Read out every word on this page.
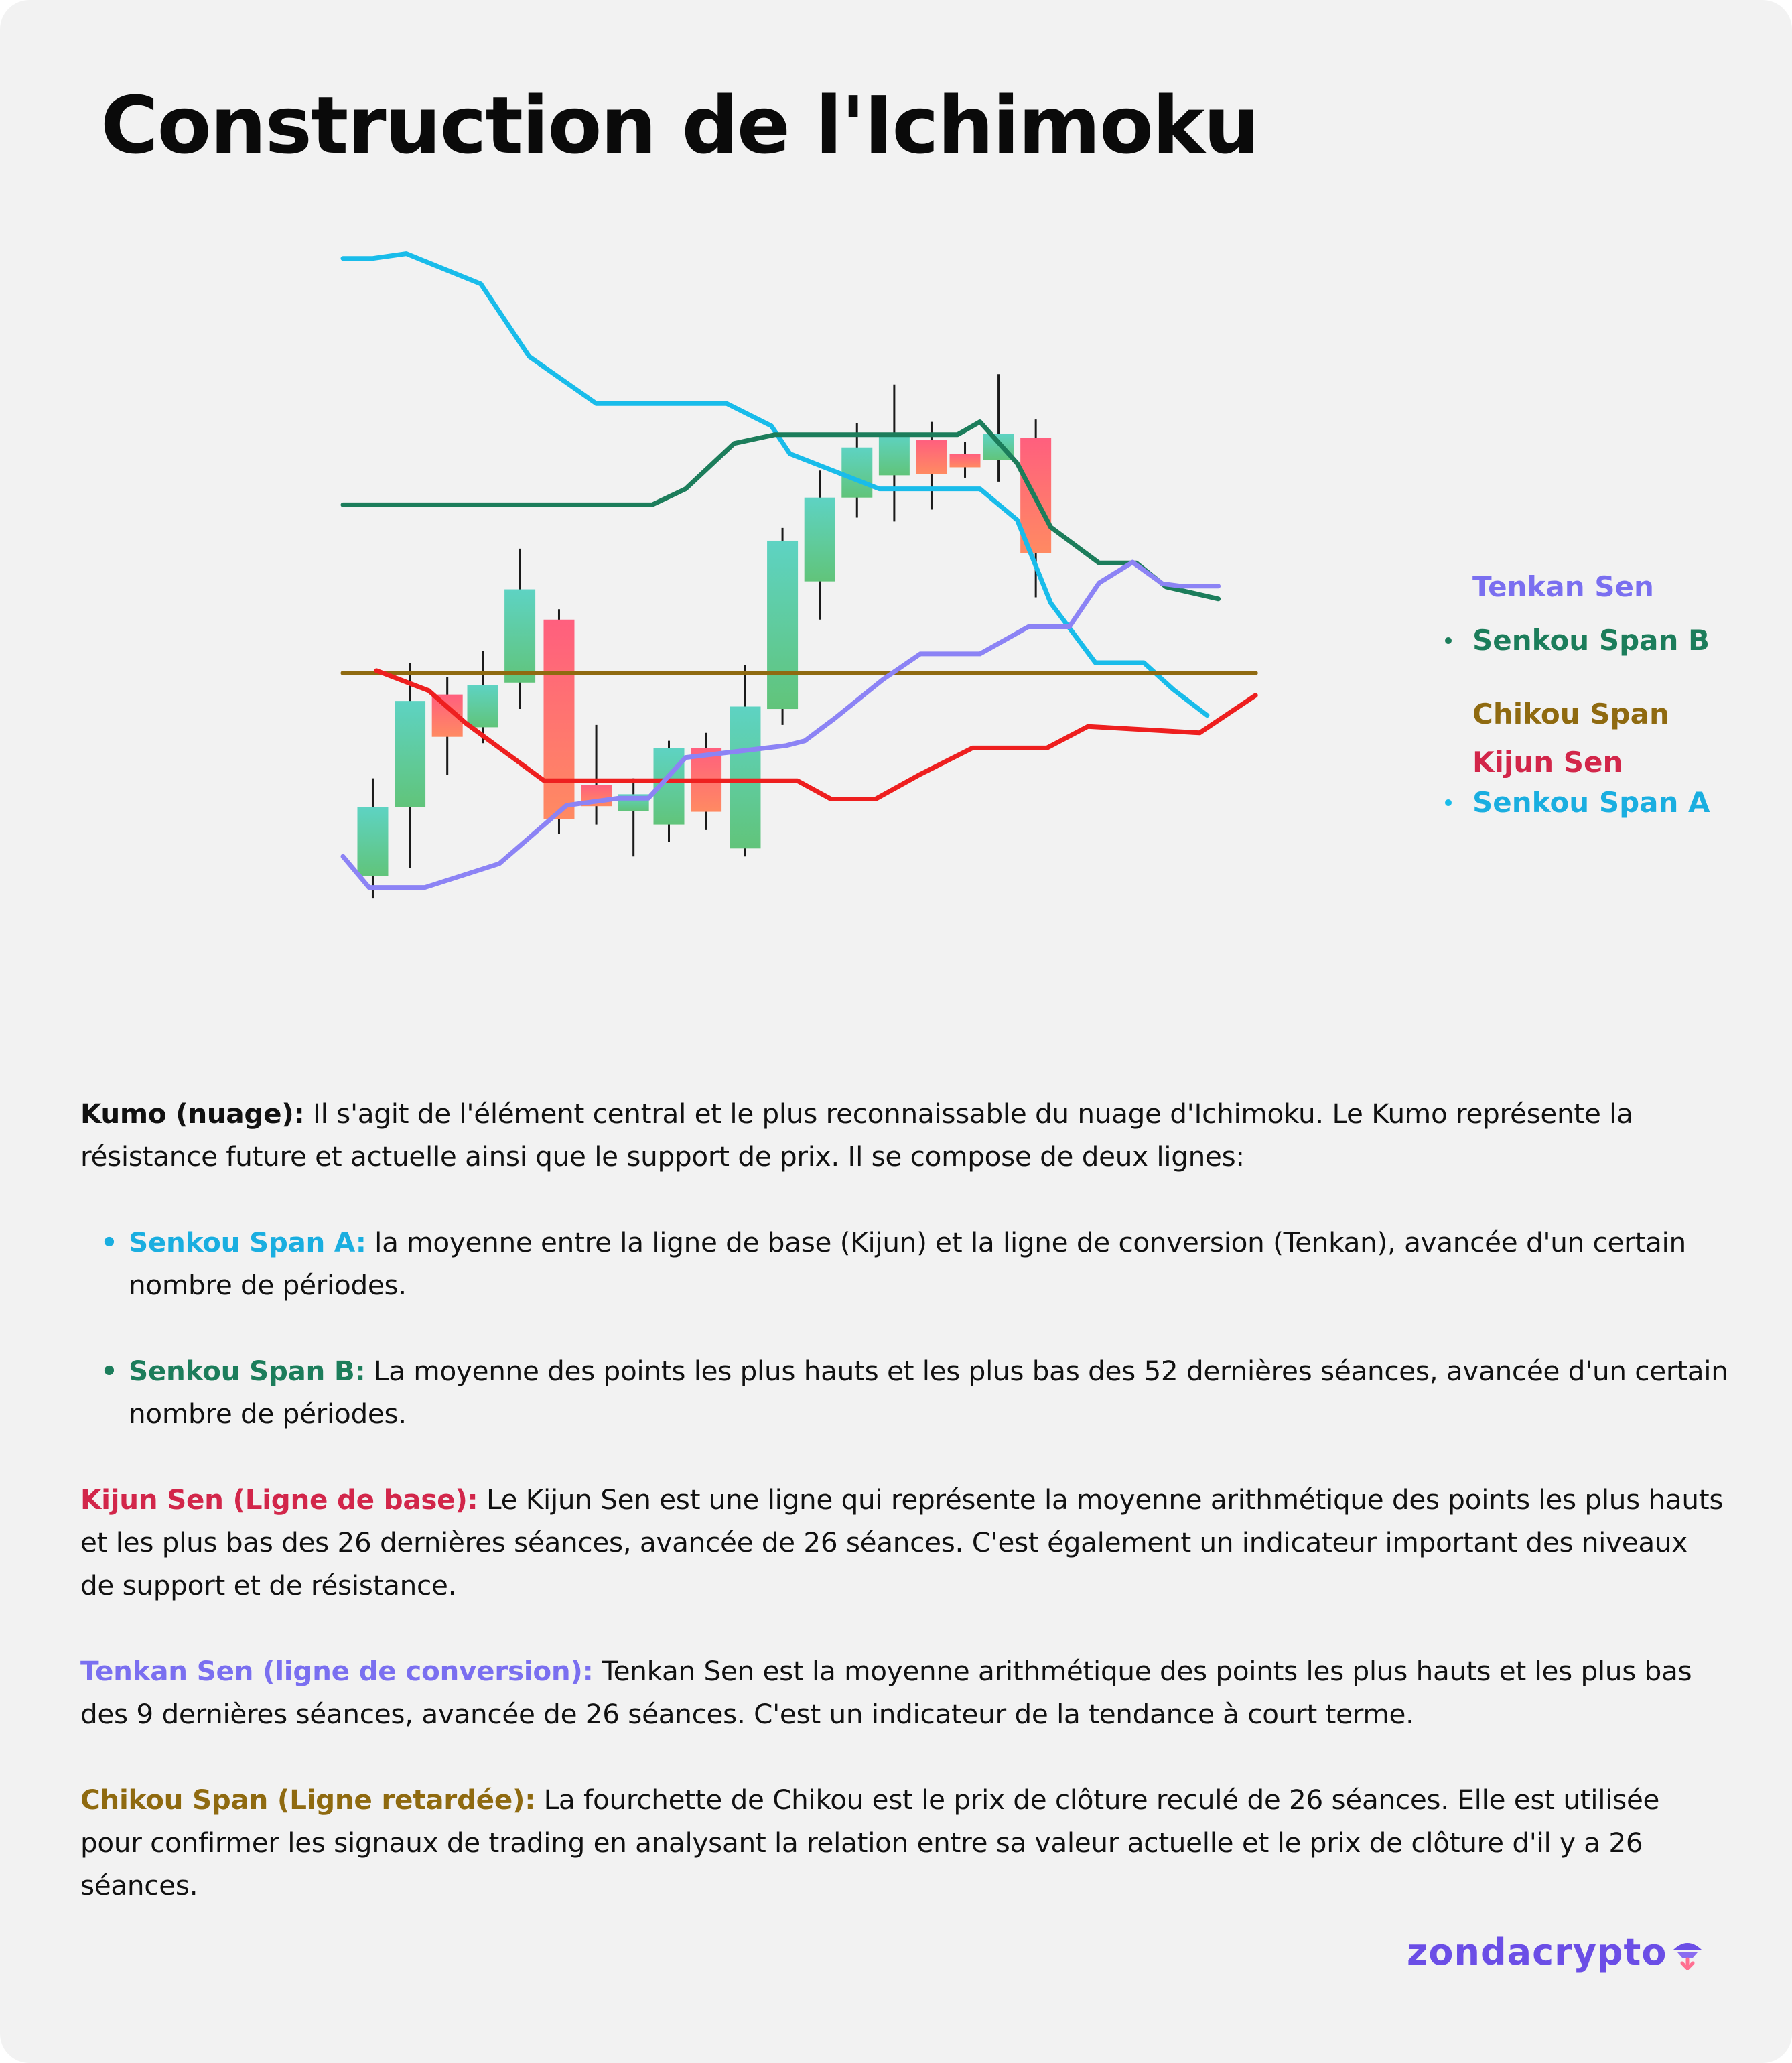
Construction de l'Ichimoku
Tenkan Sen
Senkou Span B
Chikou Span
Kijun Sen
Senkou Span A

Kumo (nuage): Il s'agit de l'élément central et le plus reconnaissable du nuage d'Ichimoku. Le Kumo représente la résistance future et actuelle ainsi que le support de prix. Il se compose de deux lignes:

• Senkou Span A: la moyenne entre la ligne de base (Kijun) et la ligne de conversion (Tenkan), avancée d'un certain nombre de périodes.
• Senkou Span B: La moyenne des points les plus hauts et les plus bas des 52 dernières séances, avancée d'un certain nombre de périodes.

Kijun Sen (Ligne de base): Le Kijun Sen est une ligne qui représente la moyenne arithmétique des points les plus hauts et les plus bas des 26 dernières séances, avancée de 26 séances. C'est également un indicateur important des niveaux de support et de résistance.

Tenkan Sen (ligne de conversion): Tenkan Sen est la moyenne arithmétique des points les plus hauts et les plus bas des 9 dernières séances, avancée de 26 séances. C'est un indicateur de la tendance à court terme.

Chikou Span (Ligne retardée): La fourchette de Chikou est le prix de clôture reculé de 26 séances. Elle est utilisée pour confirmer les signaux de trading en analysant la relation entre sa valeur actuelle et le prix de clôture d'il y a 26 séances.

zondacrypto
